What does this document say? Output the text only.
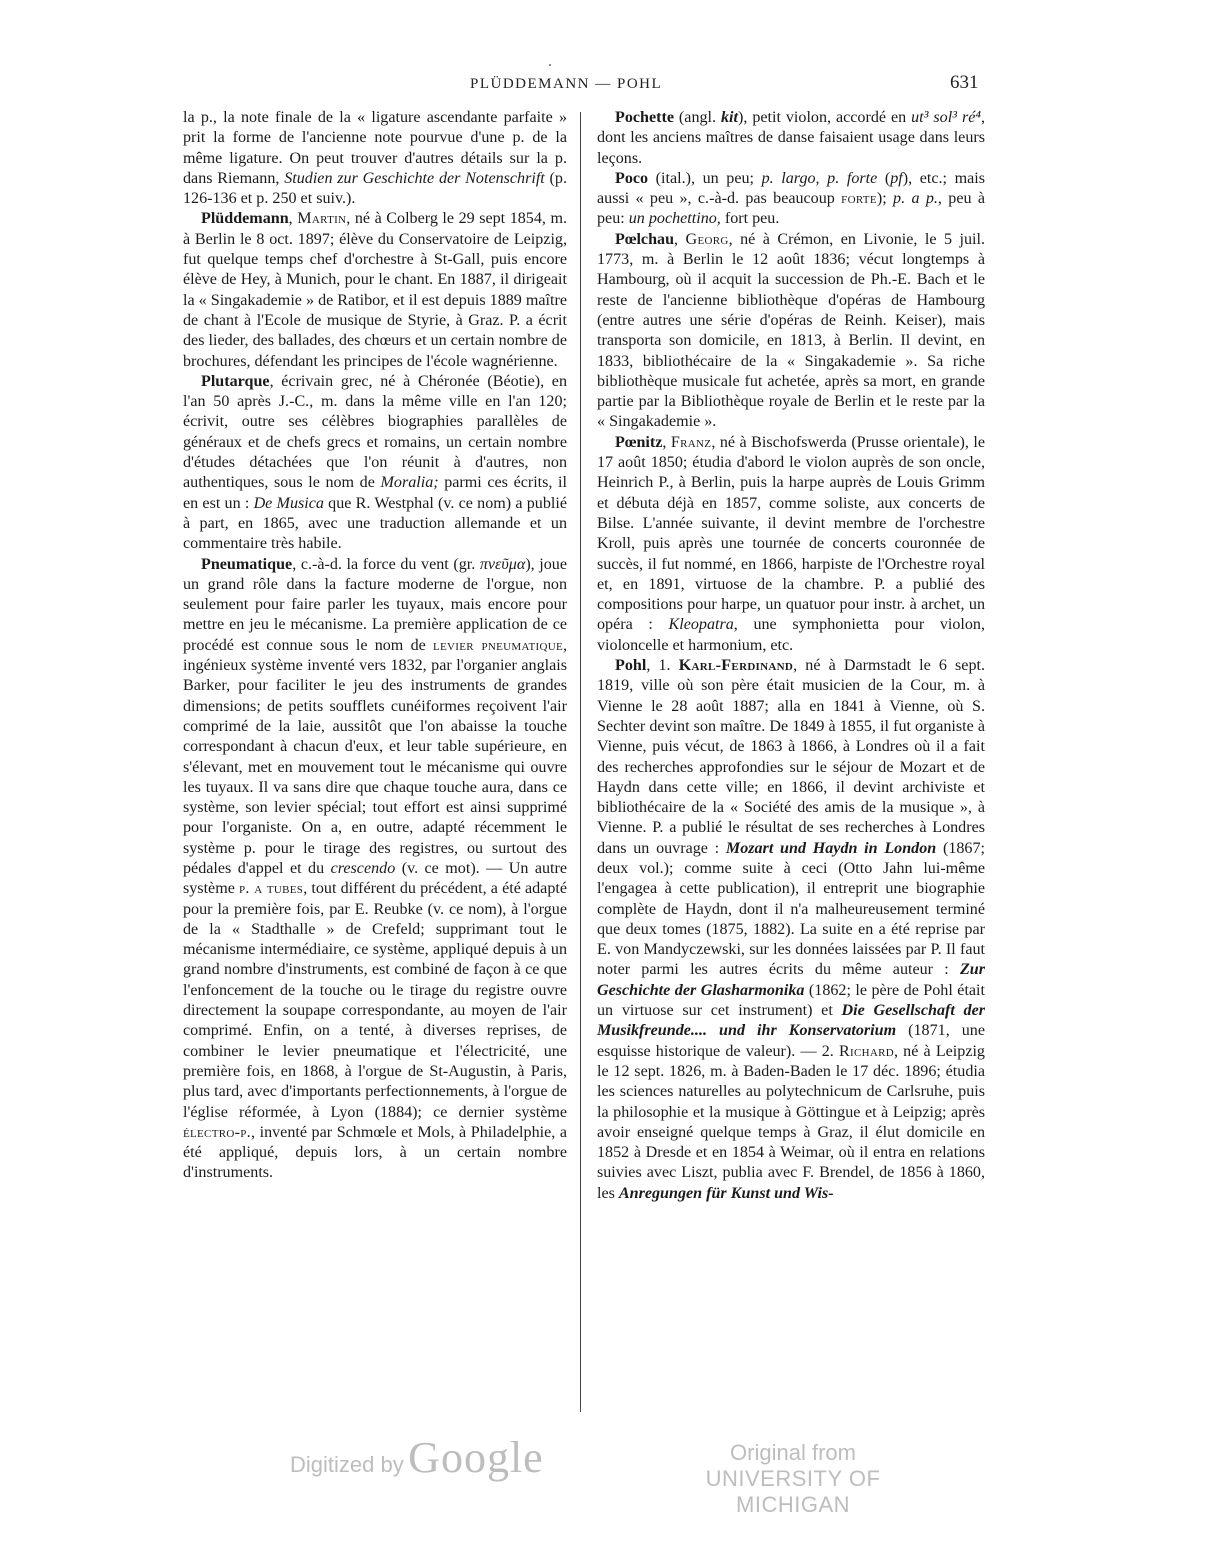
PLÜDDEMANN — POHL	631

la p., la note finale de la « ligature ascendante parfaite » prit la forme de l'ancienne note pourvue d'une p. de la même ligature. On peut trouver d'autres détails sur la p. dans Riemann, Studien zur Geschichte der Notenschrift (p. 126-136 et p. 250 et suiv.).

Plüddemann, Martin, né à Colberg le 29 sept 1854, m. à Berlin le 8 oct. 1897; élève du Conservatoire de Leipzig, fut quelque temps chef d'orchestre à St-Gall, puis encore élève de Hey, à Munich, pour le chant. En 1887, il dirigeait la « Singakademie » de Ratibor, et il est depuis 1889 maître de chant à l'Ecole de musique de Styrie, à Graz. P. a écrit des lieder, des ballades, des chœurs et un certain nombre de brochures, défendant les principes de l'école wagnérienne.

Plutarque, écrivain grec, né à Chéronée (Béotie), en l'an 50 après J.-C., m. dans la même ville en l'an 120; écrivit, outre ses célèbres biographies parallèles de généraux et de chefs grecs et romains, un certain nombre d'études détachées que l'on réunit à d'autres, non authentiques, sous le nom de Moralia; parmi ces écrits, il en est un : De Musica que R. Westphal (v. ce nom) a publié à part, en 1865, avec une traduction allemande et un commentaire très habile.

Pneumatique, c.-à-d. la force du vent (gr. πνεῦμα), joue un grand rôle dans la facture moderne de l'orgue, non seulement pour faire parler les tuyaux, mais encore pour mettre en jeu le mécanisme. La première application de ce procédé est connue sous le nom de levier pneumatique, ingénieux système inventé vers 1832, par l'organier anglais Barker, pour faciliter le jeu des instruments de grandes dimensions; de petits soufflets cunéiformes reçoivent l'air comprimé de la laie, aussitôt que l'on abaisse la touche correspondant à chacun d'eux, et leur table supérieure, en s'élevant, met en mouvement tout le mécanisme qui ouvre les tuyaux. Il va sans dire que chaque touche aura, dans ce système, son levier spécial; tout effort est ainsi supprimé pour l'organiste. On a, en outre, adapté récemment le système p. pour le tirage des registres, ou surtout des pédales d'appel et du crescendo (v. ce mot). — Un autre système p. a tubes, tout différent du précédent, a été adapté pour la première fois, par E. Reubke (v. ce nom), à l'orgue de la « Stadthalle » de Crefeld; supprimant tout le mécanisme intermédiaire, ce système, appliqué depuis à un grand nombre d'instruments, est combiné de façon à ce que l'enfoncement de la touche ou le tirage du registre ouvre directement la soupape correspondante, au moyen de l'air comprimé. Enfin, on a tenté, à diverses reprises, de combiner le levier pneumatique et l'électricité, une première fois, en 1868, à l'orgue de St-Augustin, à Paris, plus tard, avec d'importants perfectionnements, à l'orgue de l'église réformée, à Lyon (1884); ce dernier système électro-p., inventé par Schmœle et Mols, à Philadelphie, a été appliqué, depuis lors, à un certain nombre d'instruments.

Pochette (angl. kit), petit violon, accordé en ut³ sol³ ré⁴, dont les anciens maîtres de danse faisaient usage dans leurs leçons.

Poco (ital.), un peu; p. largo, p. forte (pf), etc.; mais aussi « peu », c.-à-d. pas beaucoup forte); p. a p., peu à peu: un pochettino, fort peu.

Pœlchau, Georg, né à Crémon, en Livonie, le 5 juil. 1773, m. à Berlin le 12 août 1836; vécut longtemps à Hambourg, où il acquit la succession de Ph.-E. Bach et le reste de l'ancienne bibliothèque d'opéras de Hambourg (entre autres une série d'opéras de Reinh. Keiser), mais transporta son domicile, en 1813, à Berlin. Il devint, en 1833, bibliothécaire de la « Singakademie ». Sa riche bibliothèque musicale fut achetée, après sa mort, en grande partie par la Bibliothèque royale de Berlin et le reste par la « Singakademie ».

Pœnitz, Franz, né à Bischofswerda (Prusse orientale), le 17 août 1850; étudia d'abord le violon auprès de son oncle, Heinrich P., à Berlin, puis la harpe auprès de Louis Grimm et débuta déjà en 1857, comme soliste, aux concerts de Bilse. L'année suivante, il devint membre de l'orchestre Kroll, puis après une tournée de concerts couronnée de succès, il fut nommé, en 1866, harpiste de l'Orchestre royal et, en 1891, virtuose de la chambre. P. a publié des compositions pour harpe, un quatuor pour instr. à archet, un opéra : Kleopatra, une symphonietta pour violon, violoncelle et harmonium, etc.

Pohl, 1. Karl-Ferdinand, né à Darmstadt le 6 sept. 1819, ville où son père était musicien de la Cour, m. à Vienne le 28 août 1887; alla en 1841 à Vienne, où S. Sechter devint son maître. De 1849 à 1855, il fut organiste à Vienne, puis vécut, de 1863 à 1866, à Londres où il a fait des recherches approfondies sur le séjour de Mozart et de Haydn dans cette ville; en 1866, il devint archiviste et bibliothécaire de la « Société des amis de la musique », à Vienne. P. a publié le résultat de ses recherches à Londres dans un ouvrage : Mozart und Haydn in London (1867; deux vol.); comme suite à ceci (Otto Jahn lui-même l'engagea à cette publication), il entreprit une biographie complète de Haydn, dont il n'a malheureusement terminé que deux tomes (1875, 1882). La suite en a été reprise par E. von Mandyczewski, sur les données laissées par P. Il faut noter parmi les autres écrits du même auteur : Zur Geschichte der Glasharmonika (1862; le père de Pohl était un virtuose sur cet instrument) et Die Gesellschaft der Musikfreunde.... und ihr Konservatorium (1871, une esquisse historique de valeur). — 2. Richard, né à Leipzig le 12 sept. 1826, m. à Baden-Baden le 17 déc. 1896; étudia les sciences naturelles au polytechnicum de Carlsruhe, puis la philosophie et la musique à Göttingue et à Leipzig; après avoir enseigné quelque temps à Graz, il élut domicile en 1852 à Dresde et en 1854 à Weimar, où il entra en relations suivies avec Liszt, publia avec F. Brendel, de 1856 à 1860, les Anregungen für Kunst und Wis-

Digitized by Google	Original from
UNIVERSITY OF MICHIGAN
